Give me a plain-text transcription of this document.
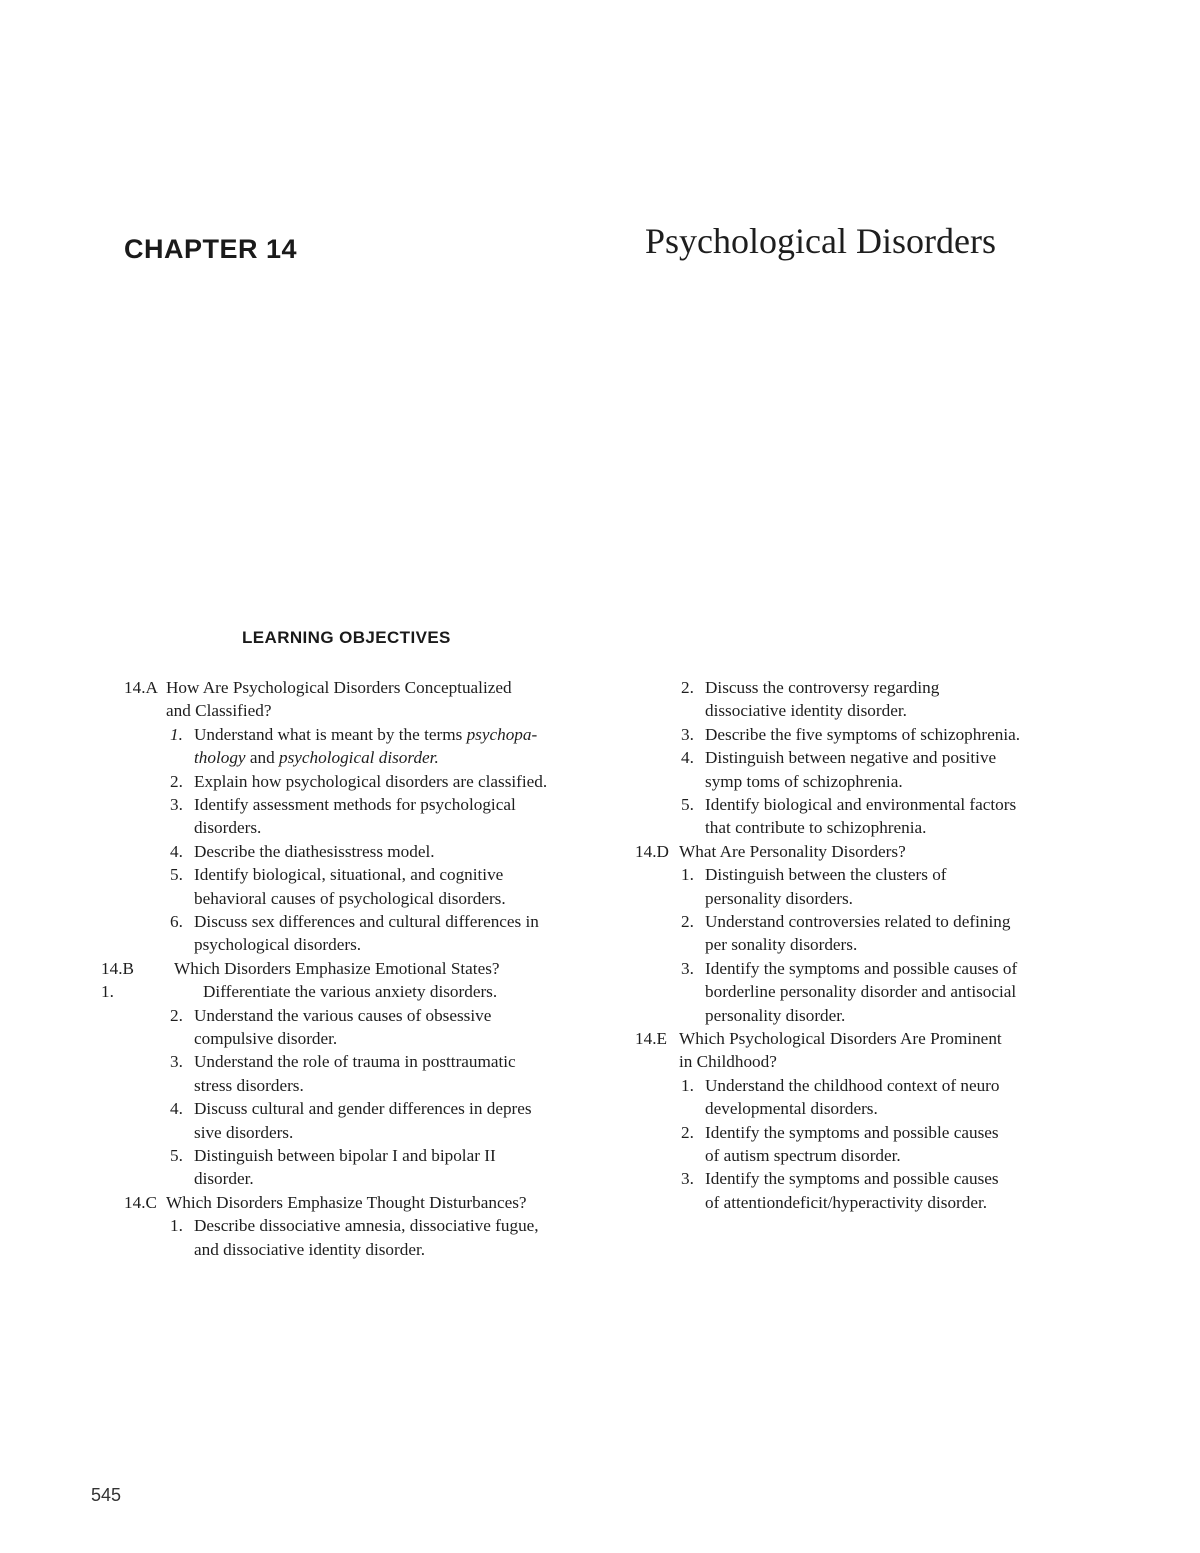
CHAPTER 14	Psychological Disorders
LEARNING OBJECTIVES
14.A How Are Psychological Disorders Conceptualized
and Classified?
1. Understand what is meant by the terms psychopa-
thology and psychological disorder.
2. Explain how psychological disorders are classified.
3. Identify assessment methods for psychological
disorders.
4. Describe the diathesisstress model.
5. Identify biological, situational, and cognitive
behavioral causes of psychological disorders.
6. Discuss sex differences and cultural differences in
psychological disorders.
14.B Which Disorders Emphasize Emotional States?
1.	Differentiate the various anxiety disorders.
2. Understand the various causes of obsessive
compulsive disorder.
3. Understand the role of trauma in posttraumatic
stress disorders.
4. Discuss cultural and gender differences in depres
sive disorders.
5. Distinguish between bipolar I and bipolar II
disorder.
14.C Which Disorders Emphasize Thought Disturbances?
1. Describe dissociative amnesia, dissociative fugue,
and dissociative identity disorder.
2. Discuss the controversy regarding
dissociative identity disorder.
3. Describe the five symptoms of schizophrenia.
4. Distinguish between negative and positive
symp toms of schizophrenia.
5. Identify biological and environmental factors
that contribute to schizophrenia.
14.D What Are Personality Disorders?
1. Distinguish between the clusters of
personality disorders.
2. Understand controversies related to defining
per sonality disorders.
3. Identify the symptoms and possible causes of
borderline personality disorder and antisocial
personality disorder.
14.E Which Psychological Disorders Are Prominent
in Childhood?
1. Understand the childhood context of neuro
developmental disorders.
2. Identify the symptoms and possible causes
of autism spectrum disorder.
3. Identify the symptoms and possible causes
of attentiondeficit/hyperactivity disorder.
545
